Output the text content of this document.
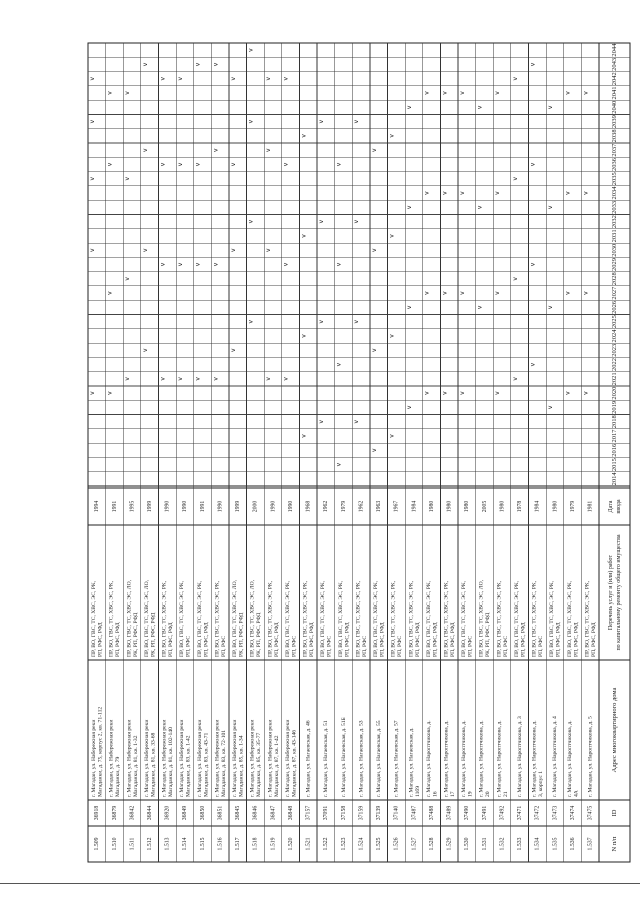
Дата ввода
Перечень услуг и (или) работ по капитальному ремонту общего имущества
Адрес многоквартирного дома
ID
N п/п
2014
2015
2016
2017
2018
2019
2020
2021
2022
2023
2024
2025
2026
2027
2028
2029
2030
2031
2032
2033
2034
2035
2036
2037
2038
2039
2040
2041
2042
2043
2044
1994
ПР, ВО, ГВС, ТС, ХВС, ЭС, РК, РП, РФС, РФД
г. Магадан, ул. Набережная реки Магаданки, д. 75, корпус 2, кв. 71-112
36918
1.509
v
v
v
v
v
1991
ПР, ВО, ГВС, ТС, ХВС, ЭС, РК, РП, РФС, РФД
г. Магадан, ул. Набережная реки Магаданки, д. 79
36879
1.510
v
v
v
v
1995
ПР, ВО, ГВС, ТС, ХВС, ЭС, ЛО, РК, РП, РФС, РФД
г. Магадан, ул. Набережная реки Магаданки, д. 81, кв. 1-32
36842
1.511
v
v
v
v
1999
ПР, ВО, ГВС, ТС, ХВС, ЭС, ЛО, РК, РП, РФС, РФД
г. Магадан, ул. Набережная реки Магаданки, д. 81, кв. 33-68
36844
1.512
v
v
v
v
1990
ПР, ВО, ГВС, ТС, ХВС, ЭС, РК, РП, РФС, РФД
г. Магадан, ул. Набережная реки Магаданки, д. 81, кв. 102-140
36920
1.513
v
v
v
v
1990
ПР, ВО, ГВС, ТС, ХВС, ЭС, РК, РП, РФС
г. Магадан, ул. Набережная реки Магаданки, д. 83, кв. 1-42
36849
1.514
v
v
v
v
1991
ПР, ВО, ГВС, ТС, ХВС, ЭС, РК, РП, РФС, РФД
г. Магадан, ул. Набережная реки Магаданки, д. 83, кв. 43-71
36850
1.515
v
v
v
v
1990
ПР, ВО, ГВС, ТС, ХВС, ЭС, РК, РП, РФС
г. Магадан, ул. Набережная реки Магаданки, д. 83, кв. 72-101
36851
1.516
v
v
v
v
1999
ПР, ВО, ГВС, ТС, ХВС, ЭС, ЛО, РК, РП, РФС, РФД
г. Магадан, ул. Набережная реки Магаданки, д. 85, кв. 1-34
36845
1.517
v
v
v
v
2000
ПР, ВО, ГВС, ТС, ХВС, ЭС, ЛО, РК, РП, РФС, РФД
г. Магадан, ул. Набережная реки Магаданки, д. 85, кв. 35-77
36846
1.518
v
v
v
v
1990
ПР, ВО, ГВС, ТС, ХВС, ЭС, РК, РП, РФС, РФД
г. Магадан, ул. Набережная реки Магаданки, д. 87, кв. 1-42
36847
1.519
v
v
v
v
1990
ПР, ВО, ГВС, ТС, ХВС, ЭС, РК, РП, РФС
г. Магадан, ул. Набережная реки Магаданки, д. 87, кв. 43-146
36848
1.520
v
v
v
v
1968
ПР, ВО, ГВС, ТС, ХВС, ЭС, РК, РП, РФС, РФД
г. Магадан, ул. Нагаевская, д. 46
37157
1.521
v
v
v
v
1962
ПР, ВО, ГВС, ТС, ХВС, ЭС, РК, РП, РФС
г. Магадан, ул. Нагаевская, д. 51
37091
1.522
v
v
v
v
1979
ПР, ВО, ГВС, ТС, ХВС, ЭС, РК, РП, РФС, РФД
г. Магадан, ул. Нагаевская, д. 51Б
37158
1.523
v
v
v
v
1962
ПР, ВО, ГВС, ТС, ХВС, ЭС, РК, РП, РФС
г. Магадан, ул. Нагаевская, д. 53
37159
1.524
v
v
v
v
1963
ПР, ВО, ГВС, ТС, ХВС, ЭС, РК, РП, РФС, РФД
г. Магадан, ул. Нагаевская, д. 55
37139
1.525
v
v
v
v
1967
ПР, ВО, ГВС, ТС, ХВС, ЭС, РК, РП, РФС
г. Магадан, ул. Нагаевская, д. 57
37140
1.526
v
v
v
v
1984
ПР, ВО, ГВС, ТС, ХВС, ЭС, РК, РП, РФС, РФД
г. Магадан, ул. Нагаевская, д. 11б9
37487
1.527
v
v
v
v
1980
ПР, ВО, ГВС, ТС, ХВС, ЭС, РК, РП, РФС, РФД
г. Магадан, ул. Нароптчикова, д. 16
37488
1.528
v
v
v
v
1980
ПР, ВО, ГВС, ТС, ХВС, ЭС, РК, РП, РФС, РФД
г. Магадан, ул. Нароптчикова, д. 17
37489
1.529
v
v
v
v
1980
ПР, ВО, ГВС, ТС, ХВС, ЭС, РК, РП, РФС
г. Магадан, ул. Нароптчикова, д. 19
37490
1.530
v
v
v
v
2005
ПР, ВО, ГВС, ТС, ХВС, ЭС, ЛО, РК, РП, РФС, РФД
г. Магадан, ул. Нароптчикова, д. 20
37491
1.531
v
v
v
1980
ПР, ВО, ГВС, ТС, ХВС, ЭС, РК, РП, РФС
г. Магадан, ул. Нароптчикова, д. 21
37492
1.532
v
v
v
v
1978
ПР, ВО, ГВС, ТС, ХВС, ЭС, РК, РП, РФС, РФД
г. Магадан, ул. Нароптчикова, д. 3
37471
1.533
v
v
v
v
1984
ПР, ВО, ГВС, ТС, ХВС, ЭС, РК, РП, РФС
г. Магадан, ул. Нароптчикова, д. 3, корпус 1
37472
1.534
v
v
v
v
1980
ПР, ВО, ГВС, ТС, ХВС, ЭС, РК, РП, РФС, РФД
г. Магадан, ул. Нароптчикова, д. 4
37473
1.535
v
v
v
v
1979
ПР, ВО, ГВС, ТС, ХВС, ЭС, РК, РП, РФС, РФД
г. Магадан, ул. Нароптчикова, д. 4А
37474
1.536
v
v
v
v
1981
ПР, ВО, ГВС, ТС, ХВС, ЭС, РК, РП, РФС, РФД
г. Магадан, ул. Нароптчикова, д. 5
37475
1.537
v
v
v
v
